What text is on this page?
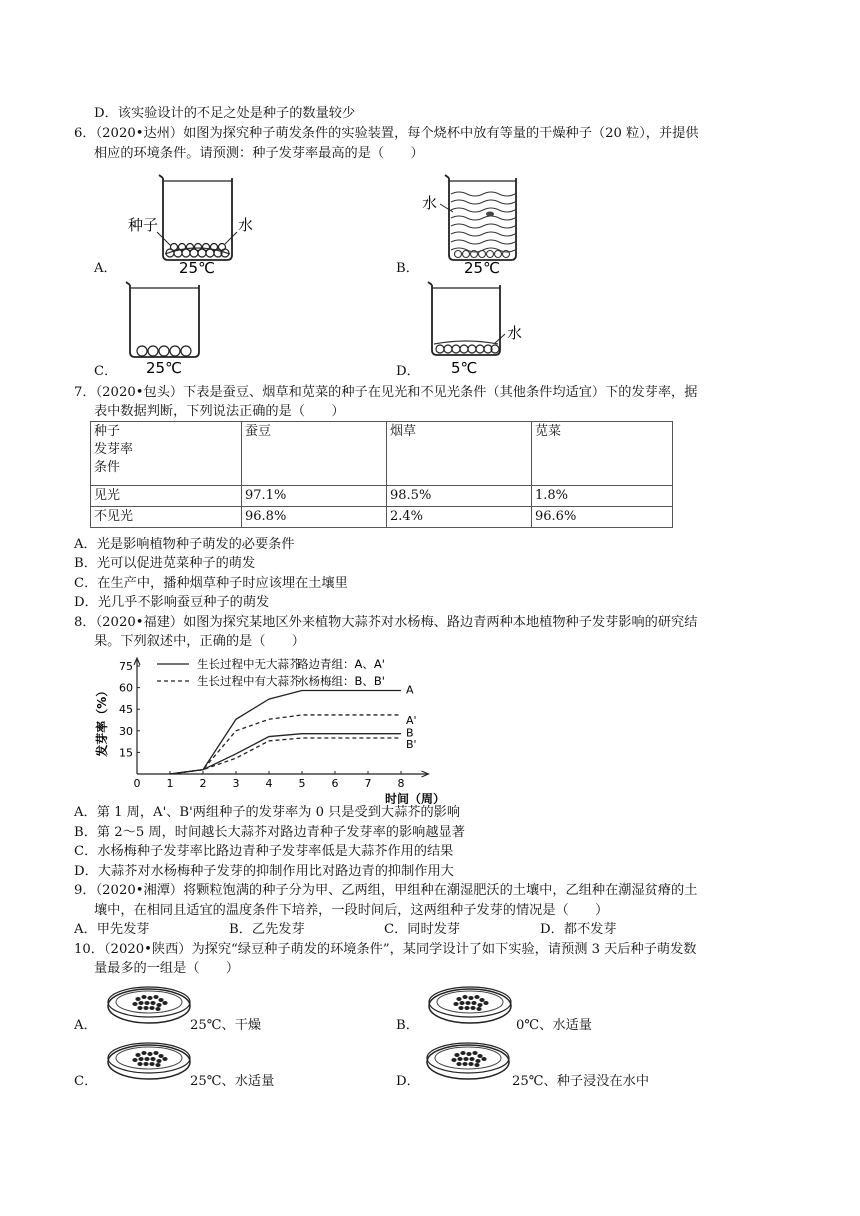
D．该实验设计的不足之处是种子的数量较少
6．（2020•达州）如图为探究种子萌发条件的实验装置，每个烧杯中放有等量的干燥种子（20 粒），并提供
相应的环境条件。请预测：种子发芽率最高的是（　　）
A．
种子	水
25℃	B．
水
25℃
C． 25℃	D．
水
5℃
7．（2020•包头）下表是蚕豆、烟草和苋菜的种子在见光和不见光条件（其他条件均适宜）下的发芽率，据
表中数据判断，下列说法正确的是（　　）
种子
发芽率
条件	蚕豆	烟草	苋菜
见光	97.1%	98.5%	1.8%
不见光	96.8%	2.4%	96.6%
A．光是影响植物种子萌发的必要条件
B．光可以促进苋菜种子的萌发
C．在生产中，播种烟草种子时应该埋在土壤里
D．光几乎不影响蚕豆种子的萌发
8．（2020•福建）如图为探究某地区外来植物大蒜芥对水杨梅、路边青两种本地植物种子发芽影响的研究结
果。下列叙述中，正确的是（　　）
0 1 2 3 4 5 6 7 8
15
30
45
60
75
时间（周）
发芽率（%）
生长过程中无大蒜芥
生长过程中有大蒜芥
路边青组：A、A'
水杨梅组：B、B'
A
A'
B
B'
A．第 1 周，A'、B'两组种子的发芽率为 0 只是受到大蒜芥的影响
B．第 2～5 周，时间越长大蒜芥对路边青种子发芽率的影响越显著
C．水杨梅种子发芽率比路边青种子发芽率低是大蒜芥作用的结果
D．大蒜芥对水杨梅种子发芽的抑制作用比对路边青的抑制作用大
9．（2020•湘潭）将颗粒饱满的种子分为甲、乙两组，甲组种在潮湿肥沃的土壤中，乙组种在潮湿贫瘠的土
壤中，在相同且适宜的温度条件下培养，一段时间后，这两组种子发芽的情况是（　　）
A．甲先发芽	B．乙先发芽	C．同时发芽	D．都不发芽
10．（2020•陕西）为探究“绿豆种子萌发的环境条件”，某同学设计了如下实验，请预测 3 天后种子萌发数
量最多的一组是（　　）
A．	25℃、干燥	B．	0℃、水适量
C．	25℃、水适量	D．	25℃、种子浸没在水中
